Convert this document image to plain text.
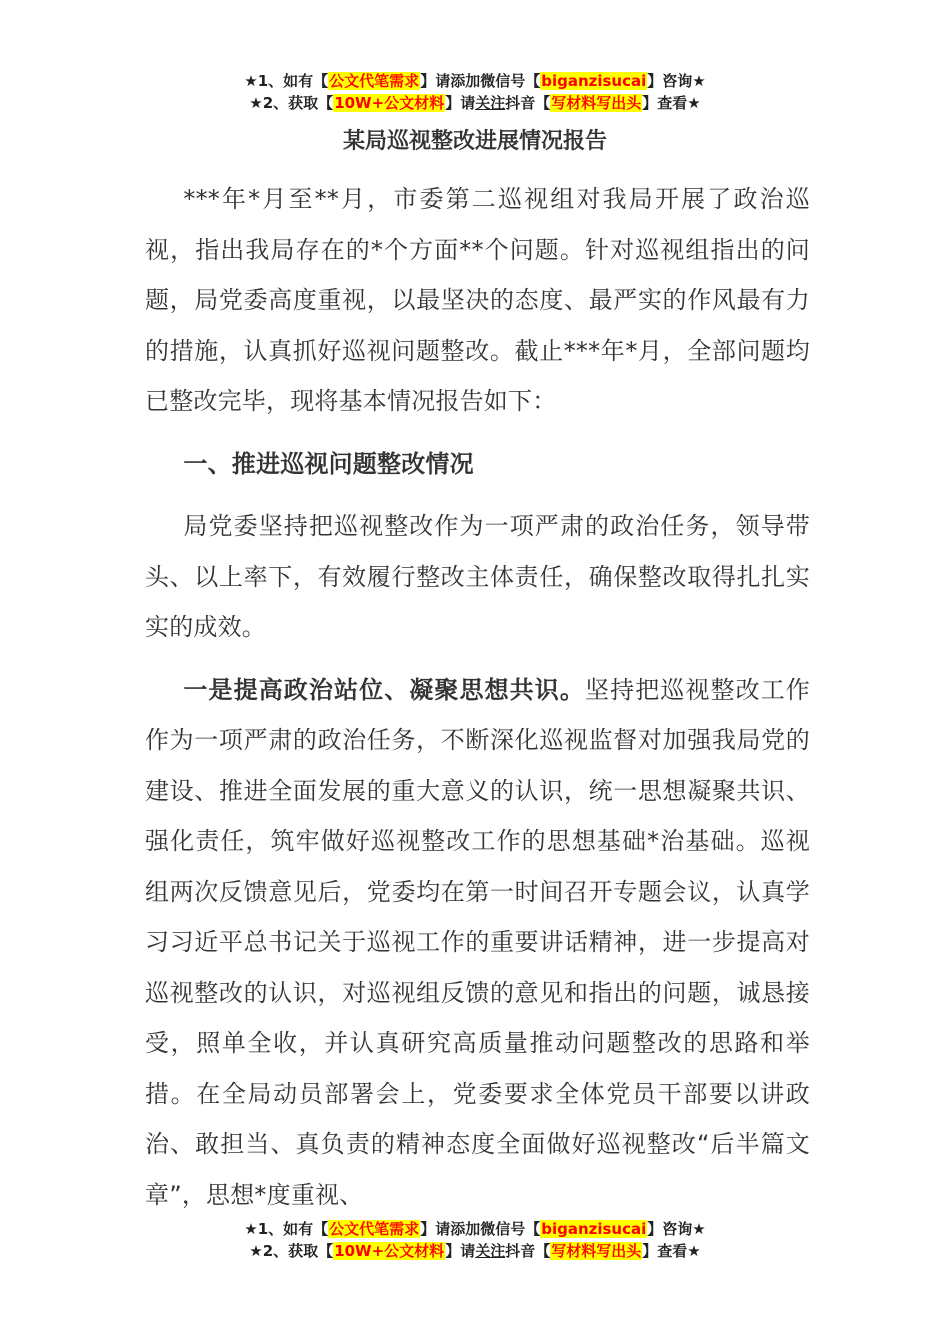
★1、如有【公文代笔需求】请添加微信号【biganzisucai】咨询★
★2、获取【10W+公文材料】请关注抖音【写材料写出头】查看★
某局巡视整改进展情况报告

***年*月至**月，市委第二巡视组对我局开展了政治巡视，指出我局存在的*个方面**个问题。针对巡视组指出的问题，局党委高度重视，以最坚决的态度、最严实的作风最有力的措施，认真抓好巡视问题整改。截止***年*月，全部问题均已整改完毕，现将基本情况报告如下：

一、推进巡视问题整改情况

局党委坚持把巡视整改作为一项严肃的政治任务，领导带头、以上率下，有效履行整改主体责任，确保整改取得扎扎实实的成效。

一是提高政治站位、凝聚思想共识。坚持把巡视整改工作作为一项严肃的政治任务，不断深化巡视监督对加强我局党的建设、推进全面发展的重大意义的认识，统一思想凝聚共识、强化责任，筑牢做好巡视整改工作的思想基础*治基础。巡视组两次反馈意见后，党委均在第一时间召开专题会议，认真学习习近平总书记关于巡视工作的重要讲话精神，进一步提高对巡视整改的认识，对巡视组反馈的意见和指出的问题，诚恳接受，照单全收，并认真研究高质量推动问题整改的思路和举措。在全局动员部署会上，党委要求全体党员干部要以讲政治、敢担当、真负责的精神态度全面做好巡视整改“后半篇文章”，思想*度重视、

★1、如有【公文代笔需求】请添加微信号【biganzisucai】咨询★
★2、获取【10W+公文材料】请关注抖音【写材料写出头】查看★
